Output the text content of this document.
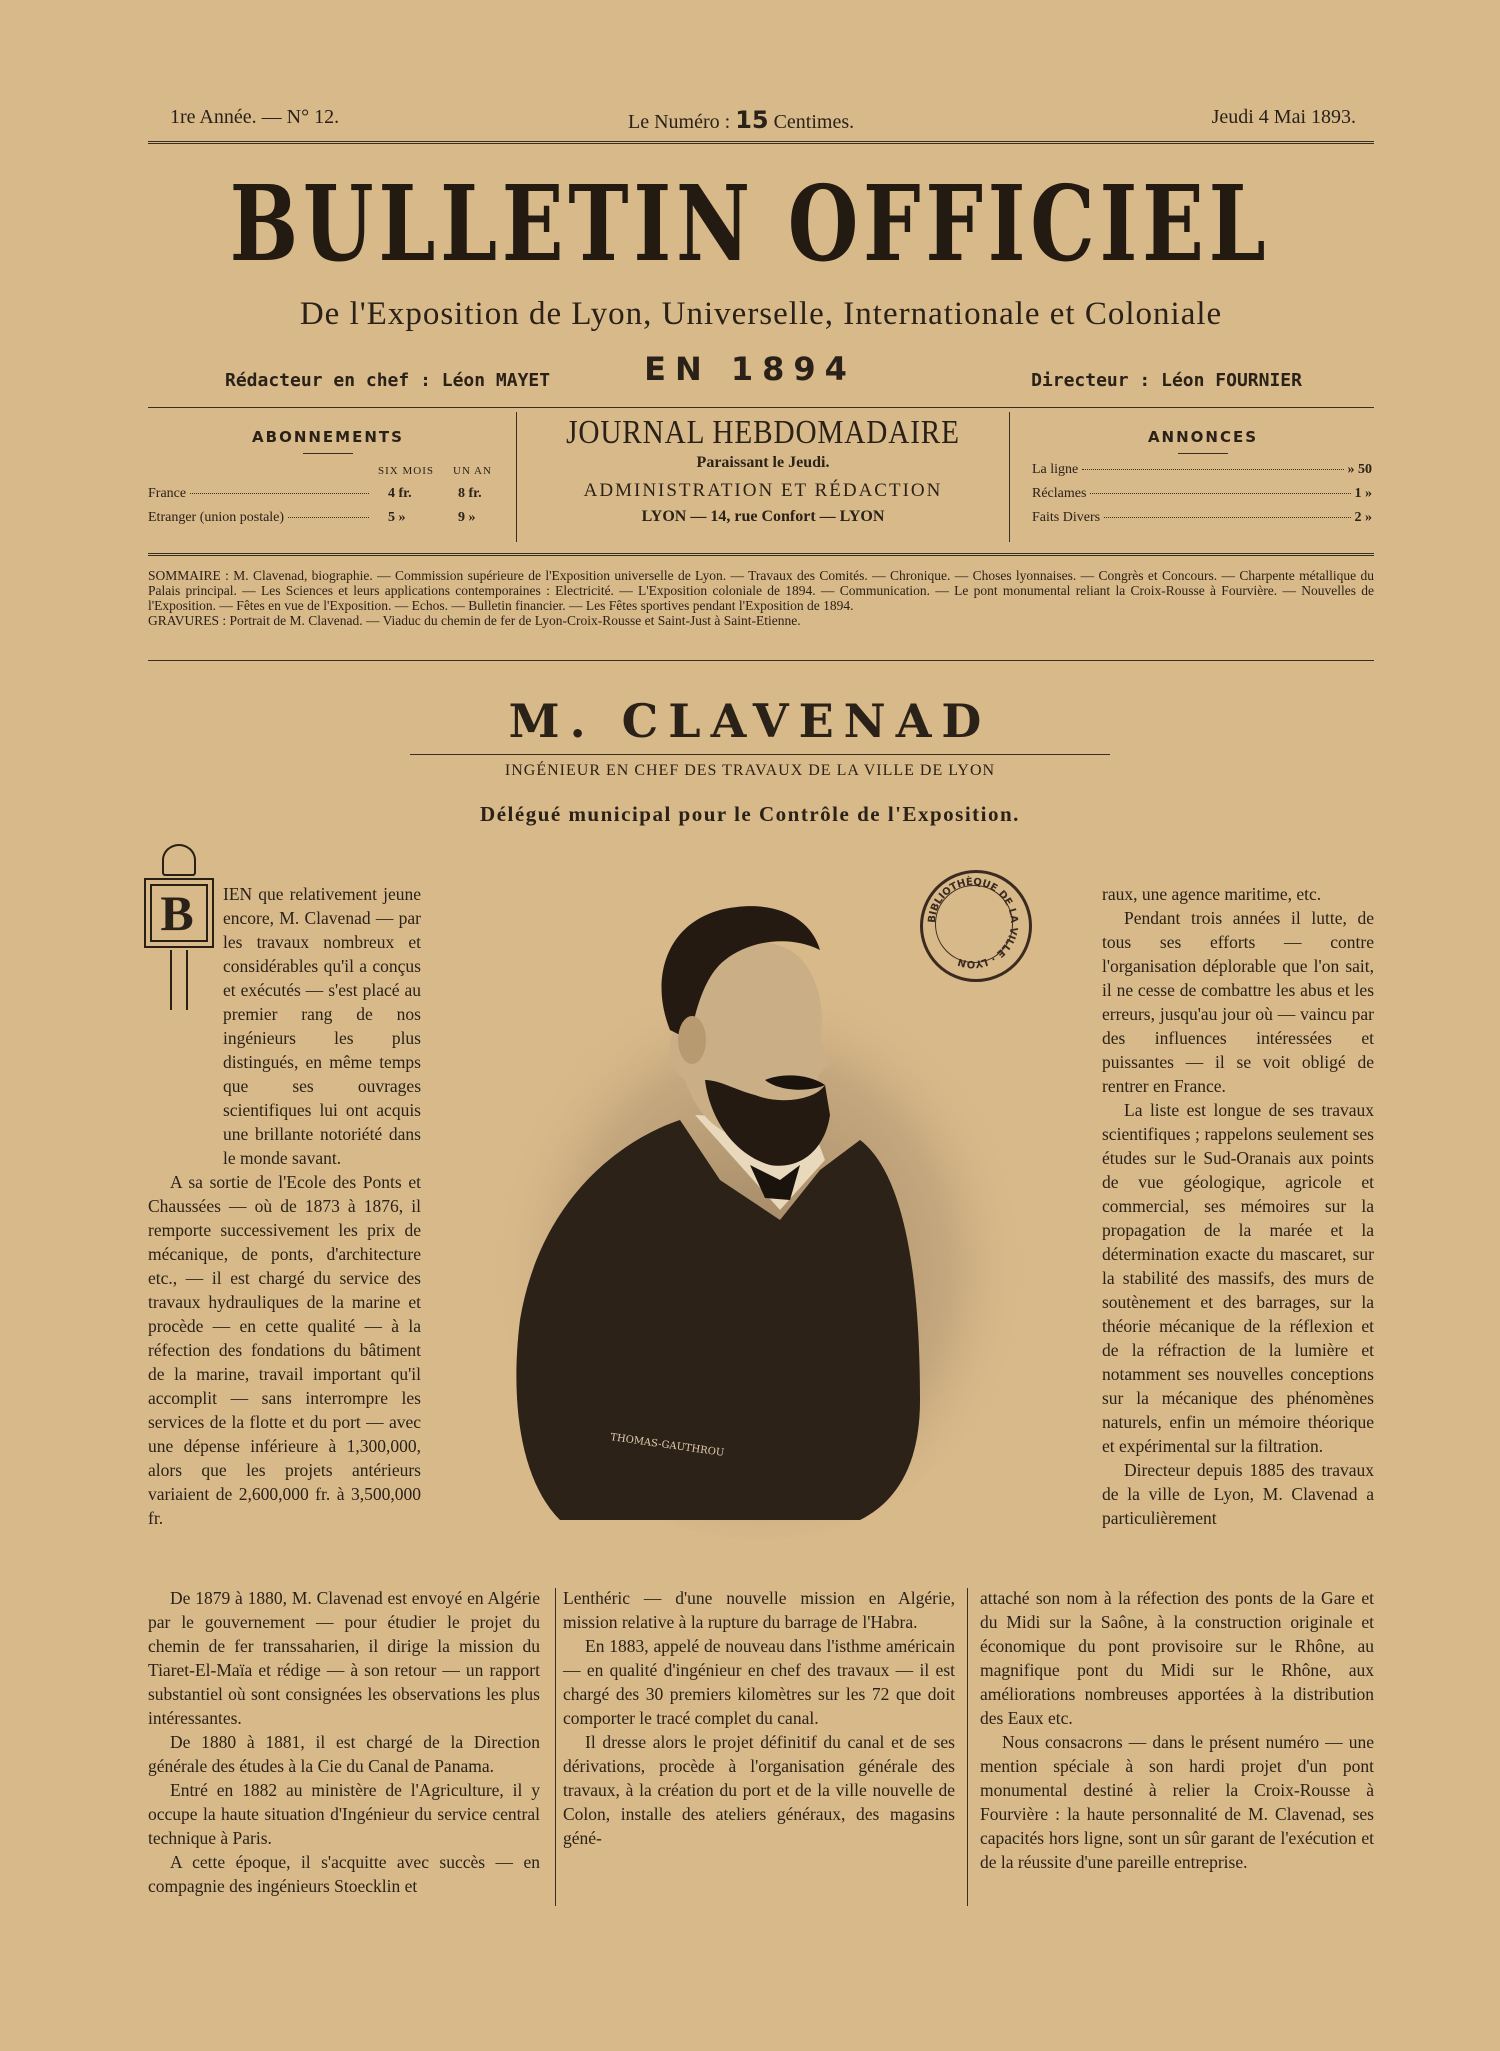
1re Année. — N° 12.	Le Numéro : 15 Centimes.	Jeudi 4 Mai 1893.
BULLETIN OFFICIEL
De l'Exposition de Lyon, Universelle, Internationale et Coloniale
EN 1894
Rédacteur en chef : Léon MAYET	Directeur : Léon FOURNIER
ABONNEMENTS
SIX MOIS UN AN
France	4 fr.	8 fr.
Etranger (union postale)	5 »	9 »
JOURNAL HEBDOMADAIRE
Paraissant le Jeudi.
ADMINISTRATION ET RÉDACTION
LYON — 14, rue Confort — LYON
ANNONCES
La ligne	» 50
Réclames	1 »
Faits Divers	2 »

SOMMAIRE : M. Clavenad, biographie. — Commission supérieure de l'Exposition universelle de Lyon. — Travaux des Comités. — Chronique. — Choses lyonnaises. — Congrès et Concours. — Charpente métallique du Palais principal. — Les Sciences et leurs applications contemporaines : Electricité. — L'Exposition coloniale de 1894. — Communication. — Le pont monumental reliant la Croix-Rousse à Fourvière. — Nouvelles de l'Exposition. — Fêtes en vue de l'Exposition. — Echos. — Bulletin financier. — Les Fêtes sportives pendant l'Exposition de 1894.

GRAVURES : Portrait de M. Clavenad. — Viaduc du chemin de fer de Lyon-Croix-Rousse et Saint-Just à Saint-Etienne.

M. CLAVENAD
INGÉNIEUR EN CHEF DES TRAVAUX DE LA VILLE DE LYON
Délégué municipal pour le Contrôle de l'Exposition.
BIBLIOTHÈQUE DE LA VILLE · LYON
THOMAS-GAUTHROU
B	IEN que relativement jeune encore, M. Clavenad — par les travaux nombreux et considérables qu'il a conçus et exécutés — s'est placé au premier rang de nos ingénieurs les plus distingués, en même temps que ses ouvrages scientifiques lui ont acquis une brillante notoriété dans le monde savant.

A sa sortie de l'Ecole des Ponts et Chaussées — où de 1873 à 1876, il remporte successivement les prix de mécanique, de ponts, d'architecture etc., — il est chargé du service des travaux hydrauliques de la marine et procède — en cette qualité — à la réfection des fondations du bâtiment de la marine, travail important qu'il accomplit — sans interrompre les services de la flotte et du port — avec une dépense inférieure à 1,300,000, alors que les projets antérieurs variaient de 2,600,000 fr. à 3,500,000 fr.

raux, une agence maritime, etc.

Pendant trois années il lutte, de tous ses efforts — contre l'organisation déplorable que l'on sait, il ne cesse de combattre les abus et les erreurs, jusqu'au jour où — vaincu par des influences intéressées et puissantes — il se voit obligé de rentrer en France.

La liste est longue de ses travaux scientifiques ; rappelons seulement ses études sur le Sud-Oranais aux points de vue géologique, agricole et commercial, ses mémoires sur la propagation de la marée et la détermination exacte du mascaret, sur la stabilité des massifs, des murs de soutènement et des barrages, sur la théorie mécanique de la réflexion et de la réfraction de la lumière et notamment ses nouvelles conceptions sur la mécanique des phénomènes naturels, enfin un mémoire théorique et expérimental sur la filtration.

Directeur depuis 1885 des travaux de la ville de Lyon, M. Clavenad a particulièrement

De 1879 à 1880, M. Clavenad est envoyé en Algérie par le gouvernement — pour étudier le projet du chemin de fer transsaharien, il dirige la mission du Tiaret-El-Maïa et rédige — à son retour — un rapport substantiel où sont consignées les observations les plus intéressantes.

De 1880 à 1881, il est chargé de la Direction générale des études à la Cie du Canal de Panama.

Entré en 1882 au ministère de l'Agriculture, il y occupe la haute situation d'Ingénieur du service central technique à Paris.

A cette époque, il s'acquitte avec succès — en compagnie des ingénieurs Stoecklin et

Lenthéric — d'une nouvelle mission en Algérie, mission relative à la rupture du barrage de l'Habra.

En 1883, appelé de nouveau dans l'isthme américain — en qualité d'ingénieur en chef des travaux — il est chargé des 30 premiers kilomètres sur les 72 que doit comporter le tracé complet du canal.

Il dresse alors le projet définitif du canal et de ses dérivations, procède à l'organisation générale des travaux, à la création du port et de la ville nouvelle de Colon, installe des ateliers généraux, des magasins géné-

attaché son nom à la réfection des ponts de la Gare et du Midi sur la Saône, à la construction originale et économique du pont provisoire sur le Rhône, au magnifique pont du Midi sur le Rhône, aux améliorations nombreuses apportées à la distribution des Eaux etc.

Nous consacrons — dans le présent numéro — une mention spéciale à son hardi projet d'un pont monumental destiné à relier la Croix-Rousse à Fourvière : la haute personnalité de M. Clavenad, ses capacités hors ligne, sont un sûr garant de l'exécution et de la réussite d'une pareille entreprise.
